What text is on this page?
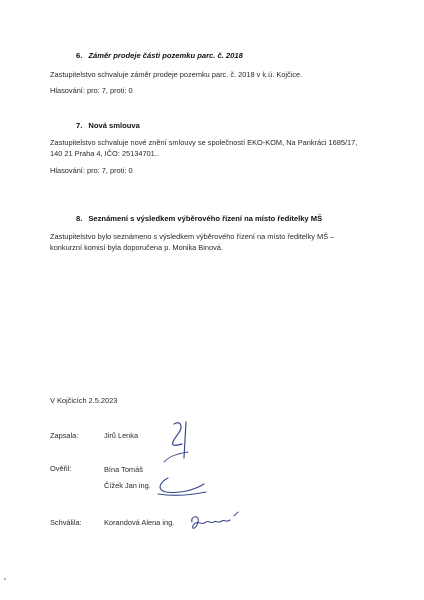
6. Záměr prodeje části pozemku parc. č. 2018
Zastupitelstvo schvaluje záměr prodeje pozemku parc. č. 2018 v k.ú. Kojčice.
Hlasování: pro: 7, proti: 0
7. Nová smlouva
Zastupitelstvo schvaluje nové znění smlouvy se společností EKO-KOM, Na Pankráci 1685/17,
140 21 Praha 4, IČO: 25134701..
Hlasování: pro: 7, proti: 0
8. Seznámení s výsledkem výběrového řízení na místo ředitelky MŠ
Zastupitelstvo bylo seznámeno s výsledkem výběrového řízení na místo ředitelky MŠ –
konkurzní komisí byla doporučena p. Monika Binová.
V Kojčicích 2.5.2023
Zapsala:	Jirů Lenka
Ověřil:	Bína Tomáš
Čížek Jan ing.
Schválila:	Korandová Alena ing.
